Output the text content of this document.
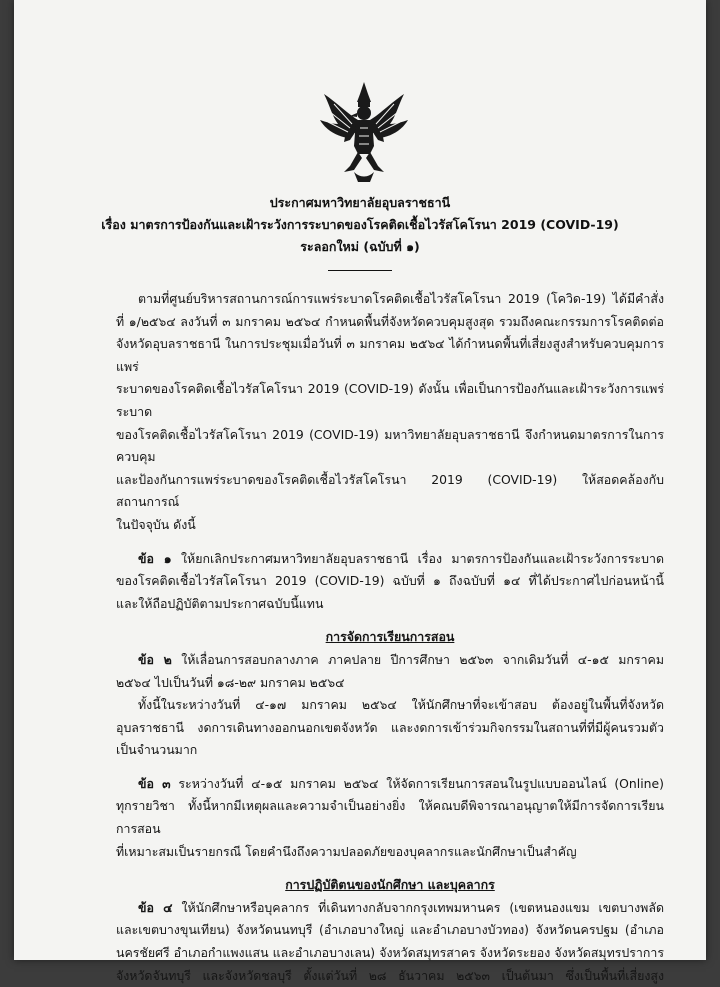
ประกาศมหาวิทยาลัยอุบลราชธานี
เรื่อง มาตรการป้องกันและเฝ้าระวังการระบาดของโรคติดเชื้อไวรัสโคโรนา 2019 (COVID-19)
ระลอกใหม่ (ฉบับที่ ๑)

ตามที่ศูนย์บริหารสถานการณ์การแพร่ระบาดโรคติดเชื้อไวรัสโคโรนา 2019 (โควิด-19) ได้มีคำสั่ง

ที่ ๑/๒๕๖๔ ลงวันที่ ๓ มกราคม ๒๕๖๔ กำหนดพื้นที่จังหวัดควบคุมสูงสุด รวมถึงคณะกรรมการโรคติดต่อ

จังหวัดอุบลราชธานี ในการประชุมเมื่อวันที่ ๓ มกราคม ๒๕๖๔ ได้กำหนดพื้นที่เสี่ยงสูงสำหรับควบคุมการแพร่

ระบาดของโรคติดเชื้อไวรัสโคโรนา 2019 (COVID-19) ดังนั้น เพื่อเป็นการป้องกันและเฝ้าระวังการแพร่ระบาด

ของโรคติดเชื้อไวรัสโคโรนา 2019 (COVID-19) มหาวิทยาลัยอุบลราชธานี จึงกำหนดมาตรการในการควบคุม

และป้องกันการแพร่ระบาดของโรคติดเชื้อไวรัสโคโรนา 2019 (COVID-19) ให้สอดคล้องกับสถานการณ์

ในปัจจุบัน ดังนี้

ข้อ ๑ ให้ยกเลิกประกาศมหาวิทยาลัยอุบลราชธานี เรื่อง มาตรการป้องกันและเฝ้าระวังการระบาด

ของโรคติดเชื้อไวรัสโคโรนา 2019 (COVID-19) ฉบับที่ ๑ ถึงฉบับที่ ๑๔ ที่ได้ประกาศไปก่อนหน้านี้

และให้ถือปฏิบัติตามประกาศฉบับนี้แทน

การจัดการเรียนการสอน

ข้อ ๒ ให้เลื่อนการสอบกลางภาค ภาคปลาย ปีการศึกษา ๒๕๖๓ จากเดิมวันที่ ๔-๑๕ มกราคม

๒๕๖๔ ไปเป็นวันที่ ๑๘-๒๙ มกราคม ๒๕๖๔

ทั้งนี้ในระหว่างวันที่ ๔-๑๗ มกราคม ๒๕๖๔ ให้นักศึกษาที่จะเข้าสอบ ต้องอยู่ในพื้นที่จังหวัด

อุบลราชธานี งดการเดินทางออกนอกเขตจังหวัด และงดการเข้าร่วมกิจกรรมในสถานที่ที่มีผู้คนรวมตัว

เป็นจำนวนมาก

ข้อ ๓ ระหว่างวันที่ ๔-๑๕ มกราคม ๒๕๖๔ ให้จัดการเรียนการสอนในรูปแบบออนไลน์ (Online)

ทุกรายวิชา ทั้งนี้หากมีเหตุผลและความจำเป็นอย่างยิ่ง ให้คณบดีพิจารณาอนุญาตให้มีการจัดการเรียนการสอน

ที่เหมาะสมเป็นรายกรณี โดยคำนึงถึงความปลอดภัยของบุคลากรและนักศึกษาเป็นสำคัญ

การปฏิบัติตนของนักศึกษา และบุคลากร

ข้อ ๔ ให้นักศึกษาหรือบุคลากร ที่เดินทางกลับจากกรุงเทพมหานคร (เขตหนองแขม เขตบางพลัด

และเขตบางขุนเทียน) จังหวัดนนทบุรี (อำเภอบางใหญ่ และอำเภอบางบัวทอง) จังหวัดนครปฐม (อำเภอ

นครชัยศรี อำเภอกำแพงแสน และอำเภอบางเลน) จังหวัดสมุทรสาคร จังหวัดระยอง จังหวัดสมุทรปราการ

จังหวัดจันทบุรี และจังหวัดชลบุรี ตั้งแต่วันที่ ๒๘ ธันวาคม ๒๕๖๓ เป็นต้นมา ซึ่งเป็นพื้นที่เสี่ยงสูง
